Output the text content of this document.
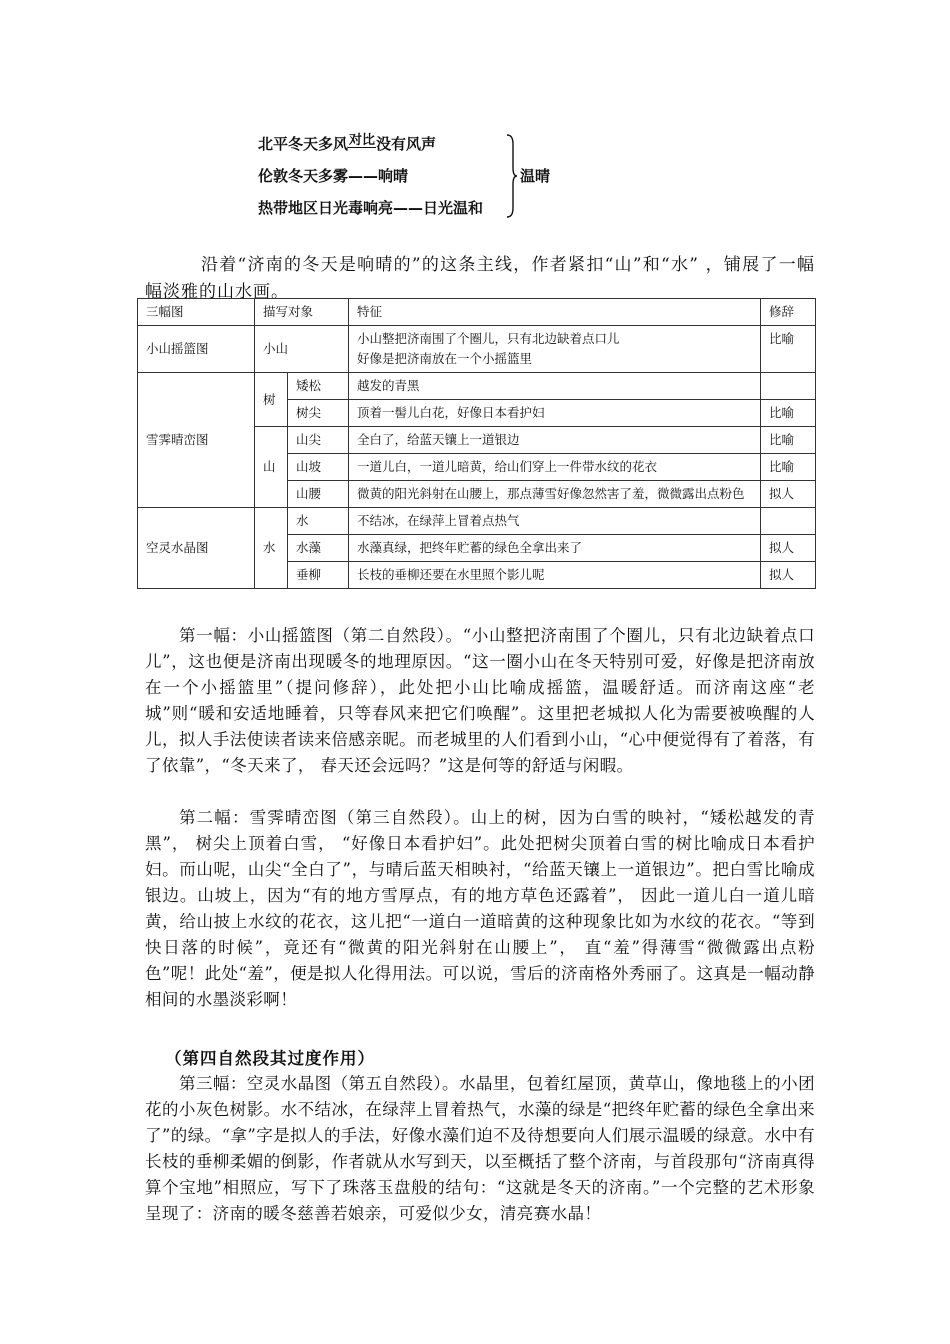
北平冬天多风对比没有风声
伦敦冬天多雾——响晴
热带地区日光毒响亮——日光温和
温晴

沿着“济南的冬天是响晴的”的这条主线，作者紧扣“山”和“水” ，铺展了一幅幅淡雅的山水画。

三幅图	描写对象		特征	修辞
小山摇篮图	小山		小山整把济南围了个圈儿，只有北边缺着点口儿
好像是把济南放在一个小摇篮里	比喻
雪霁晴峦图	树	矮松	越发的青黑	
		树尖	顶着一髻儿白花，好像日本看护妇	比喻
	山	山尖	全白了，给蓝天镶上一道银边	比喻
		山坡	一道儿白，一道儿暗黄，给山们穿上一件带水纹的花衣	比喻
		山腰	微黄的阳光斜射在山腰上，那点薄雪好像忽然害了羞，微微露出点粉色	拟人
空灵水晶图	水	水	不结冰，在绿萍上冒着点热气	
		水藻	水藻真绿，把终年贮蓄的绿色全拿出来了	拟人
		垂柳	长枝的垂柳还要在水里照个影儿呢	拟人

第一幅：小山摇篮图（第二自然段）。“小山整把济南围了个圈儿，只有北边缺着点口儿”，这也便是济南出现暖冬的地理原因。“这一圈小山在冬天特别可爱，好像是把济南放在一个小摇篮里”（提问修辞），此处把小山比喻成摇篮，温暖舒适。而济南这座“老城”则“暖和安适地睡着，只等春风来把它们唤醒”。这里把老城拟人化为需要被唤醒的人儿，拟人手法使读者读来倍感亲昵。而老城里的人们看到小山，“心中便觉得有了着落，有了依靠”，“冬天来了， 春天还会远吗？”这是何等的舒适与闲暇。

第二幅：雪霁晴峦图（第三自然段）。山上的树，因为白雪的映衬，“矮松越发的青黑”， 树尖上顶着白雪， “好像日本看护妇”。此处把树尖顶着白雪的树比喻成日本看护妇。而山呢，山尖“全白了”，与晴后蓝天相映衬，“给蓝天镶上一道银边”。把白雪比喻成银边。山坡上，因为“有的地方雪厚点，有的地方草色还露着”， 因此一道儿白一道儿暗黄，给山披上水纹的花衣，这儿把“一道白一道暗黄的这种现象比如为水纹的花衣。“等到快日落的时候”，竟还有“微黄的阳光斜射在山腰上”， 直“羞”得薄雪“微微露出点粉色”呢！此处“羞”，便是拟人化得用法。可以说，雪后的济南格外秀丽了。这真是一幅动静相间的水墨淡彩啊！

（第四自然段其过度作用）

第三幅：空灵水晶图（第五自然段）。水晶里，包着红屋顶，黄草山，像地毯上的小团花的小灰色树影。水不结冰，在绿萍上冒着热气，水藻的绿是“把终年贮蓄的绿色全拿出来了”的绿。“拿”字是拟人的手法，好像水藻们迫不及待想要向人们展示温暖的绿意。水中有长枝的垂柳柔媚的倒影，作者就从水写到天，以至概括了整个济南，与首段那句“济南真得算个宝地”相照应，写下了珠落玉盘般的结句：“这就是冬天的济南。”一个完整的艺术形象呈现了：济南的暖冬慈善若娘亲，可爱似少女，清亮赛水晶！
